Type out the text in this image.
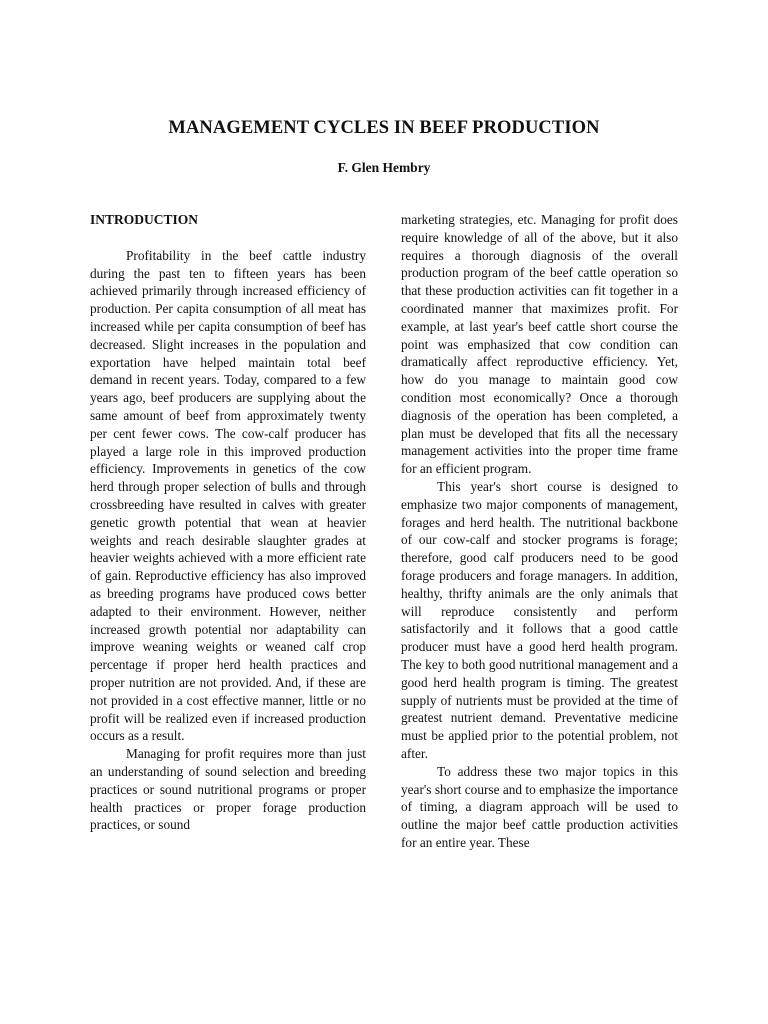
MANAGEMENT CYCLES IN BEEF PRODUCTION

F. Glen Hembry

INTRODUCTION

Profitability in the beef cattle industry during the past ten to fifteen years has been achieved primarily through increased efficiency of production. Per capita consumption of all meat has increased while per capita consumption of beef has decreased. Slight increases in the population and exportation have helped maintain total beef demand in recent years. Today, compared to a few years ago, beef producers are supplying about the same amount of beef from approximately twenty per cent fewer cows. The cow-calf producer has played a large role in this improved production efficiency. Improvements in genetics of the cow herd through proper selection of bulls and through crossbreeding have resulted in calves with greater genetic growth potential that wean at heavier weights and reach desirable slaughter grades at heavier weights achieved with a more efficient rate of gain. Reproductive efficiency has also improved as breeding programs have produced cows better adapted to their environment. However, neither increased growth potential nor adaptability can improve weaning weights or weaned calf crop percentage if proper herd health practices and proper nutrition are not provided. And, if these are not provided in a cost effective manner, little or no profit will be realized even if increased production occurs as a result.

Managing for profit requires more than just an understanding of sound selection and breeding practices or sound nutritional programs or proper health practices or proper forage production practices, or sound

marketing strategies, etc. Managing for profit does require knowledge of all of the above, but it also requires a thorough diagnosis of the overall production program of the beef cattle operation so that these production activities can fit together in a coordinated manner that maximizes profit. For example, at last year's beef cattle short course the point was emphasized that cow condition can dramatically affect reproductive efficiency. Yet, how do you manage to maintain good cow condition most economically? Once a thorough diagnosis of the operation has been completed, a plan must be developed that fits all the necessary management activities into the proper time frame for an efficient program.

This year's short course is designed to emphasize two major components of management, forages and herd health. The nutritional backbone of our cow-calf and stocker programs is forage; therefore, good calf producers need to be good forage producers and forage managers. In addition, healthy, thrifty animals are the only animals that will reproduce consistently and perform satisfactorily and it follows that a good cattle producer must have a good herd health program. The key to both good nutritional management and a good herd health program is timing. The greatest supply of nutrients must be provided at the time of greatest nutrient demand. Preventative medicine must be applied prior to the potential problem, not after.

To address these two major topics in this year's short course and to emphasize the importance of timing, a diagram approach will be used to outline the major beef cattle production activities for an entire year. These
